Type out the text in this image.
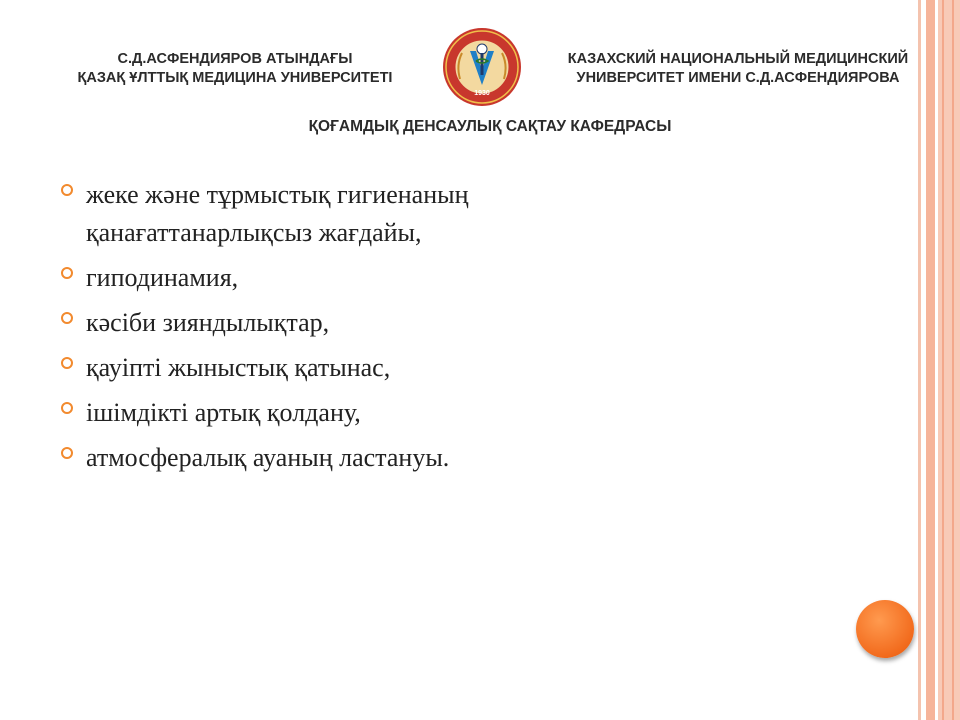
С.Д.АСФЕНДИЯРОВ АТЫНДАҒЫ
ҚАЗАҚ ҰЛТТЫҚ МЕДИЦИНА УНИВЕРСИТЕТІ
1930
КАЗАХСКИЙ НАЦИОНАЛЬНЫЙ МЕДИЦИНСКИЙ
УНИВЕРСИТЕТ ИМЕНИ С.Д.АСФЕНДИЯРОВА
ҚОҒАМДЫҚ ДЕНСАУЛЫҚ САҚТАУ КАФЕДРАСЫ
жеке және тұрмыстық гигиенаның
қанағаттанарлықсыз жағдайы,
гиподинамия,
кәсіби зияндылықтар,
қауіпті жыныстық қатынас,
ішімдікті артық қолдану,
атмосфералық ауаның ластануы.
